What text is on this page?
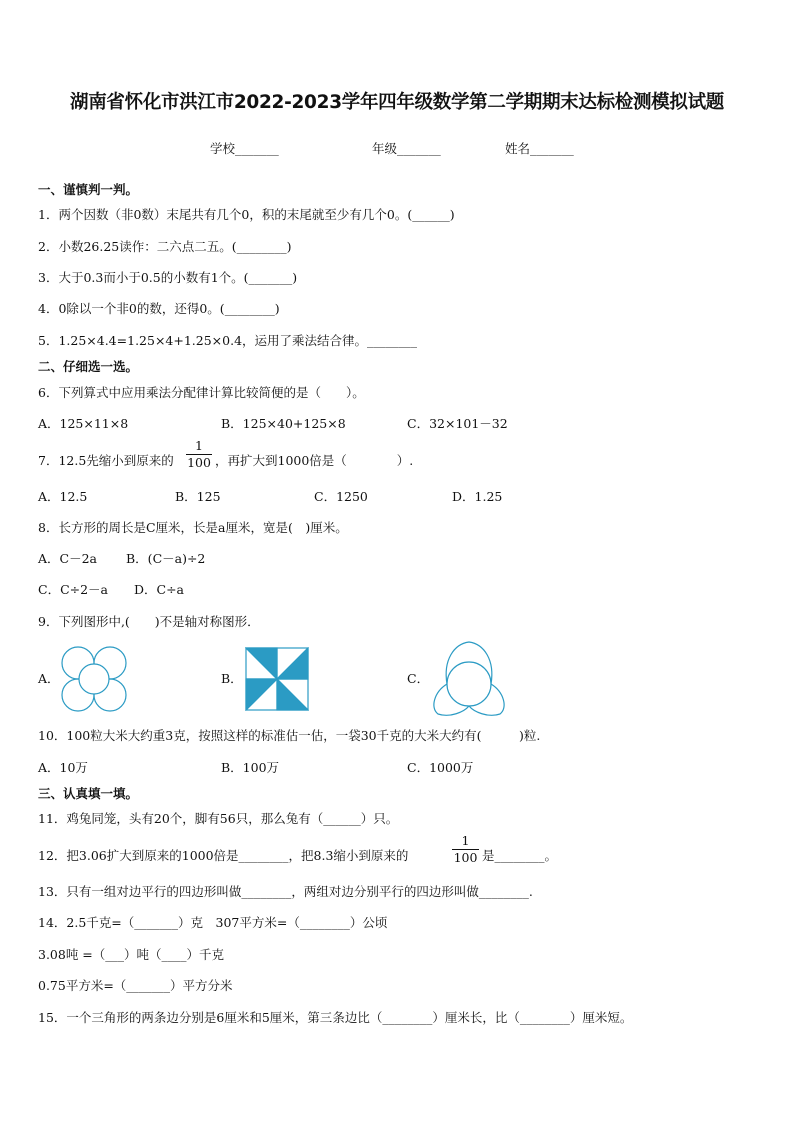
湖南省怀化市洪江市2022-2023学年四年级数学第二学期期末达标检测模拟试题
学校_______	年级_______	姓名_______
一、谨慎判一判。
1．两个因数（非0数）末尾共有几个0，积的末尾就至少有几个0。(______)
2．小数26.25读作：二六点二五。(________)
3．大于0.3而小于0.5的小数有1个。(_______)
4．0除以一个非0的数，还得0。(________)
5．1.25×4.4=1.25×4+1.25×0.4，运用了乘法结合律。________
二、仔细选一选。
6．下列算式中应用乘法分配律计算比较简便的是（　　）。
A．125×11×8	B．125×40+125×8	C．32×101－32
7．12.5先缩小到原来的
1
100 ，再扩大到1000倍是（　　　　）.
A．12.5	B．125	C．1250	D．1.25
8．长方形的周长是C厘米，长是a厘米，宽是(　)厘米。
A．C－2a B．(C－a)÷2
C．C÷2－a D．C÷a
9．下列图形中,(　　)不是轴对称图形．
A．	B．	C．
10．100粒大米大约重3克，按照这样的标准估一估，一袋30千克的大米大约有(　　　)粒.
A．10万	B．100万	C．1000万
三、认真填一填。
11．鸡兔同笼，头有20个，脚有56只，那么兔有（______）只。
12．把3.06扩大到原来的1000倍是________，把8.3缩小到原来的
1
100 是________。
13．只有一组对边平行的四边形叫做________，两组对边分别平行的四边形叫做________.
14．2.5千克=（_______）克　307平方米=（________）公顷
3.08吨 =（___）吨（____）千克
0.75平方米=（_______）平方分米
15．一个三角形的两条边分别是6厘米和5厘米，第三条边比（________）厘米长，比（________）厘米短。
